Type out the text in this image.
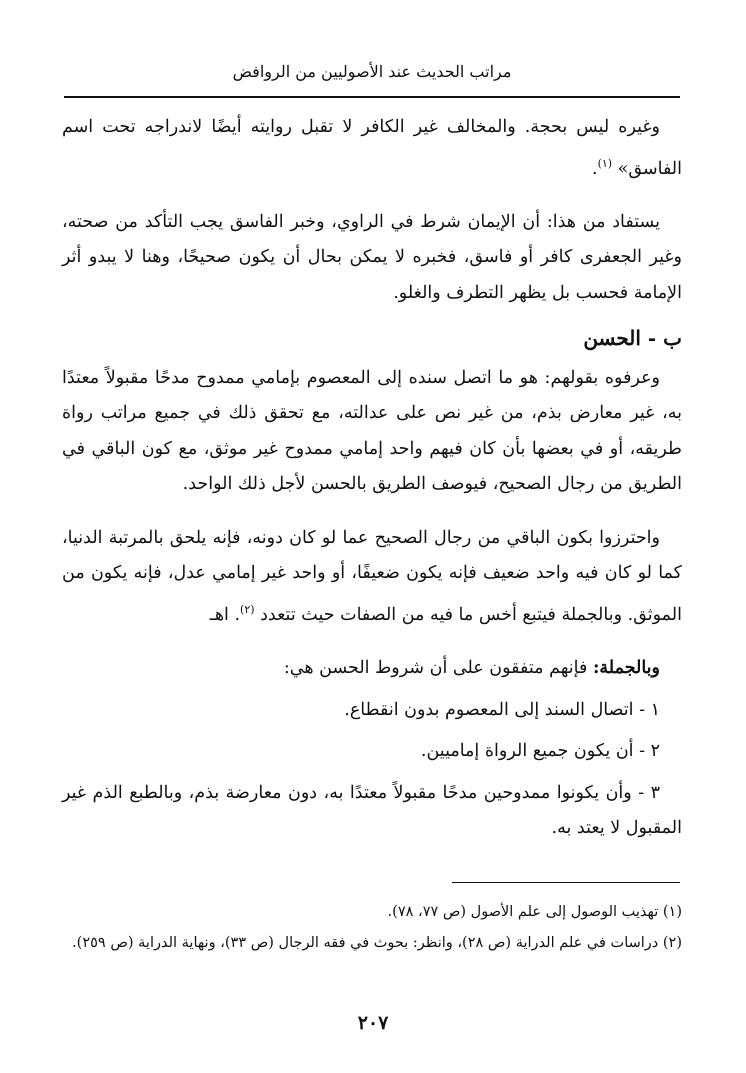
مراتب الحديث عند الأصوليين من الروافض

وغيره ليس بحجة. والمخالف غير الكافر لا تقبل روايته أيضًا لاندراجه تحت اسم الفاسق» $^{(١)}$.

يستفاد من هذا: أن الإيمان شرط في الراوي، وخبر الفاسق يجب التأكد من صحته، وغير الجعفرى كافر أو فاسق، فخبره لا يمكن بحال أن يكون صحيحًا، وهنا لا يبدو أثر الإمامة فحسب بل يظهر التطرف والغلو.

ب - الحسن

وعرفوه بقولهم: هو ما اتصل سنده إلى المعصوم بإمامي ممدوح مدحًا مقبولاً معتدًا به، غير معارض بذم، من غير نص على عدالته، مع تحقق ذلك في جميع مراتب رواة طريقه، أو في بعضها بأن كان فيهم واحد إمامي ممدوح غير موثق، مع كون الباقي في الطريق من رجال الصحيح، فيوصف الطريق بالحسن لأجل ذلك الواحد.

واحترزوا بكون الباقي من رجال الصحيح عما لو كان دونه، فإنه يلحق بالمرتبة الدنيا، كما لو كان فيه واحد ضعيف فإنه يكون ضعيفًا، أو واحد غير إمامي عدل، فإنه يكون من الموثق. وبالجملة فيتبع أخس ما فيه من الصفات حيث تتعدد $^{(٢)}$. اهـ

وبالجملة: فإنهم متفقون على أن شروط الحسن هي:

١ - اتصال السند إلى المعصوم بدون انقطاع.

٢ - أن يكون جميع الرواة إماميين.

٣ - وأن يكونوا ممدوحين مدحًا مقبولاً معتدًا به، دون معارضة بذم، وبالطبع الذم غير المقبول لا يعتد به.

(١) تهذيب الوصول إلى علم الأصول (ص ٧٧، ٧٨).

(٢) دراسات في علم الدراية (ص ٢٨)، وانظر: بحوث في فقه الرجال (ص ٣٣)، ونهاية الدراية (ص ٢٥٩).

٢٠٧
